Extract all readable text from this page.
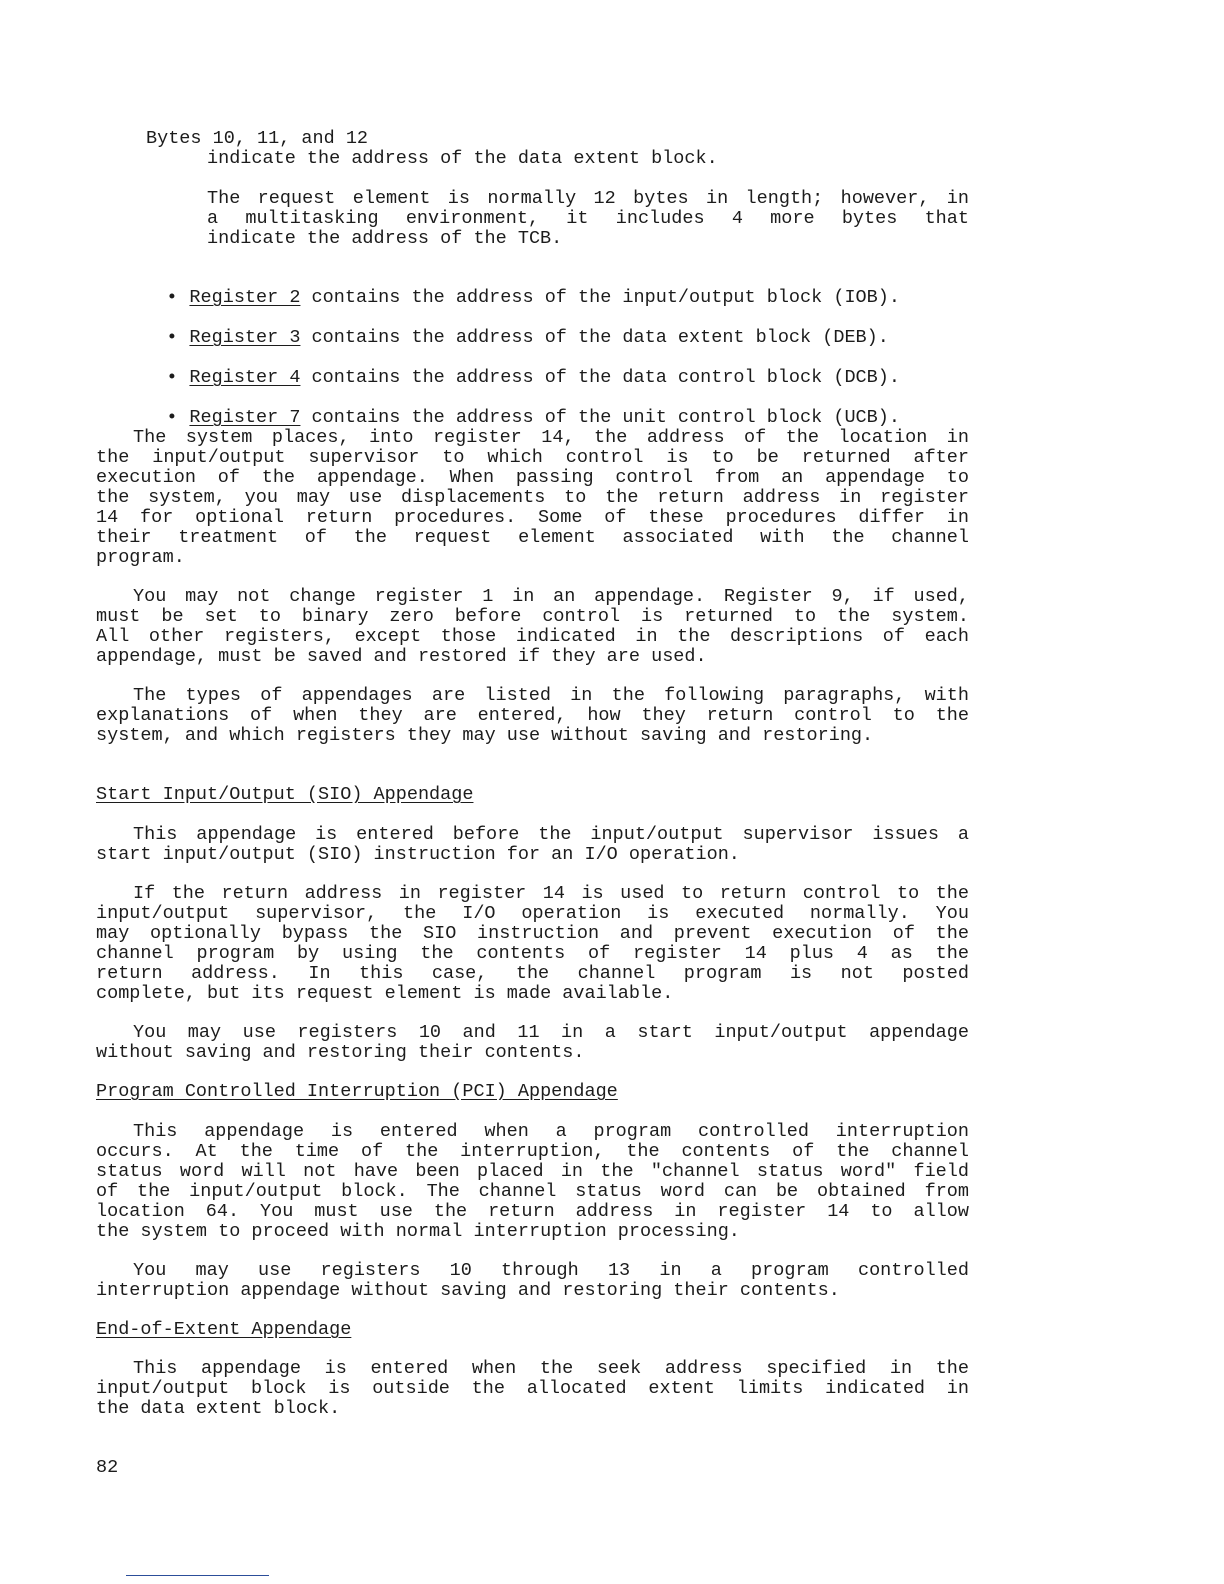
Bytes 10, 11, and 12
indicate the address of the data extent block.
The request element is normally 12 bytes in length; however, in
a multitasking environment, it includes 4 more bytes that
indicate the address of the TCB.

• Register 2 contains the address of the input/output block (IOB).

• Register 3 contains the address of the data extent block (DEB).

• Register 4 contains the address of the data control block (DCB).

• Register 7 contains the address of the unit control block (UCB).

The system places, into register 14, the address of the location in
the input/output supervisor to which control is to be returned after
execution of the appendage. When passing control from an appendage to
the system, you may use displacements to the return address in register
14 for optional return procedures. Some of these procedures differ in
their treatment of the request element associated with the channel
program.
You may not change register 1 in an appendage. Register 9, if used,
must be set to binary zero before control is returned to the system.
All other registers, except those indicated in the descriptions of each
appendage, must be saved and restored if they are used.
The types of appendages are listed in the following paragraphs, with
explanations of when they are entered, how they return control to the
system, and which registers they may use without saving and restoring.
Start Input/Output (SIO) Appendage
This appendage is entered before the input/output supervisor issues a
start input/output (SIO) instruction for an I/O operation.
If the return address in register 14 is used to return control to the
input/output supervisor, the I/O operation is executed normally. You
may optionally bypass the SIO instruction and prevent execution of the
channel program by using the contents of register 14 plus 4 as the
return address. In this case, the channel program is not posted
complete, but its request element is made available.
You may use registers 10 and 11 in a start input/output appendage
without saving and restoring their contents.
Program Controlled Interruption (PCI) Appendage
This appendage is entered when a program controlled interruption
occurs. At the time of the interruption, the contents of the channel
status word will not have been placed in the "channel status word" field
of the input/output block. The channel status word can be obtained from
location 64. You must use the return address in register 14 to allow
the system to proceed with normal interruption processing.
You may use registers 10 through 13 in a program controlled
interruption appendage without saving and restoring their contents.
End-of-Extent Appendage
This appendage is entered when the seek address specified in the
input/output block is outside the allocated extent limits indicated in
the data extent block.
82
